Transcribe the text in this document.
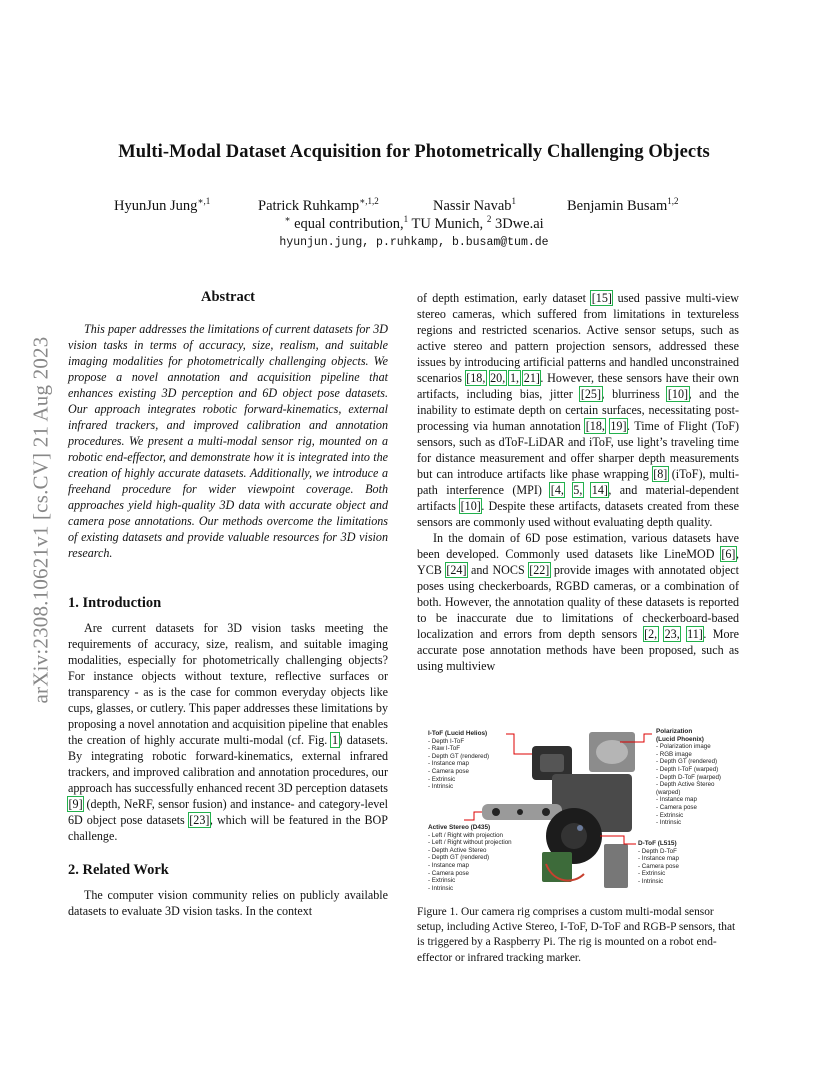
Multi-Modal Dataset Acquisition for Photometrically Challenging Objects
HyunJun Jung$^{∗,1}$	Patrick Ruhkamp$^{∗,1,2}$	Nassir Navab$^1$	Benjamin Busam$^{1,2}$
∗ equal contribution,$^1$ TU Munich, $^2$ 3Dwe.ai
hyunjun.jung, p.ruhkamp, b.busam@tum.de
arXiv:2308.10621v1 [cs.CV] 21 Aug 2023
Abstract
This paper addresses the limitations of current datasets for 3D vision tasks in terms of accuracy, size, realism, and suitable imaging modalities for photometrically challenging objects. We propose a novel annotation and acquisition pipeline that enhances existing 3D perception and 6D object pose datasets. Our approach integrates robotic forward-kinematics, external infrared trackers, and improved calibration and annotation procedures. We present a multi-modal sensor rig, mounted on a robotic end-effector, and demonstrate how it is integrated into the creation of highly accurate datasets. Additionally, we introduce a freehand procedure for wider viewpoint coverage. Both approaches yield high-quality 3D data with accurate object and camera pose annotations. Our methods overcome the limitations of existing datasets and provide valuable resources for 3D vision research.
1. Introduction
Are current datasets for 3D vision tasks meeting the requirements of accuracy, size, realism, and suitable imaging modalities, especially for photometrically challenging objects? For instance objects without texture, reflective surfaces or transparency - as is the case for common everyday objects like cups, glasses, or cutlery. This paper addresses these limitations by proposing a novel annotation and acquisition pipeline that enables the creation of highly accurate multi-modal (cf. Fig. 1) datasets. By integrating robotic forward-kinematics, external infrared trackers, and improved calibration and annotation procedures, our approach has successfully enhanced recent 3D perception datasets [9] (depth, NeRF, sensor fusion) and instance- and category-level 6D object pose datasets [23], which will be featured in the BOP challenge.
2. Related Work
The computer vision community relies on publicly available datasets to evaluate 3D vision tasks. In the context
of depth estimation, early dataset [15] used passive multi-view stereo cameras, which suffered from limitations in textureless regions and restricted scenarios. Active sensor setups, such as active stereo and pattern projection sensors, addressed these issues by introducing artificial patterns and handled unconstrained scenarios [18, 20, 1, 21]. However, these sensors have their own artifacts, including bias, jitter [25], blurriness [10], and the inability to estimate depth on certain surfaces, necessitating post-processing via human annotation [18, 19]. Time of Flight (ToF) sensors, such as dToF-LiDAR and iToF, use light’s traveling time for distance measurement and offer sharper depth measurements but can introduce artifacts like phase wrapping [8] (iToF), multi-path interference (MPI) [4, 5, 14], and material-dependent artifacts [10]. Despite these artifacts, datasets created from these sensors are commonly used without evaluating depth quality.
In the domain of 6D pose estimation, various datasets have been developed. Commonly used datasets like LineMOD [6], YCB [24] and NOCS [22] provide images with annotated object poses using checkerboards, RGBD cameras, or a combination of both. However, the annotation quality of these datasets is reported to be inaccurate due to limitations of checkerboard-based localization and errors from depth sensors [2, 23, 11]. More accurate pose annotation methods have been proposed, such as using multiview
I-ToF (Lucid Helios)
- Depth I-ToF
- Raw I-ToF
- Depth GT (rendered)
- Instance map
- Camera pose
- Extrinsic
- Intrinsic
Active Stereo (D435)
- Left / Right with projection
- Left / Right without projection
- Depth Active Stereo
- Depth GT (rendered)
- Instance map
- Camera pose
- Extrinsic
- Intrinsic
Polarization
(Lucid Phoenix)
- Polarization image
- RGB image
- Depth GT (rendered)
- Depth I-ToF (warped)
- Depth D-ToF (warped)
- Depth Active Stereo
(warped)
- Instance map
- Camera pose
- Extrinsic
- Intrinsic
D-ToF (L515)
- Depth D-ToF
- Instance map
- Camera pose
- Extrinsic
- Intrinsic
Figure 1. Our camera rig comprises a custom multi-modal sensor setup, including Active Stereo, I-ToF, D-ToF and RGB-P sensors, that is triggered by a Raspberry Pi. The rig is mounted on a robot end-effector or infrared tracking marker.
